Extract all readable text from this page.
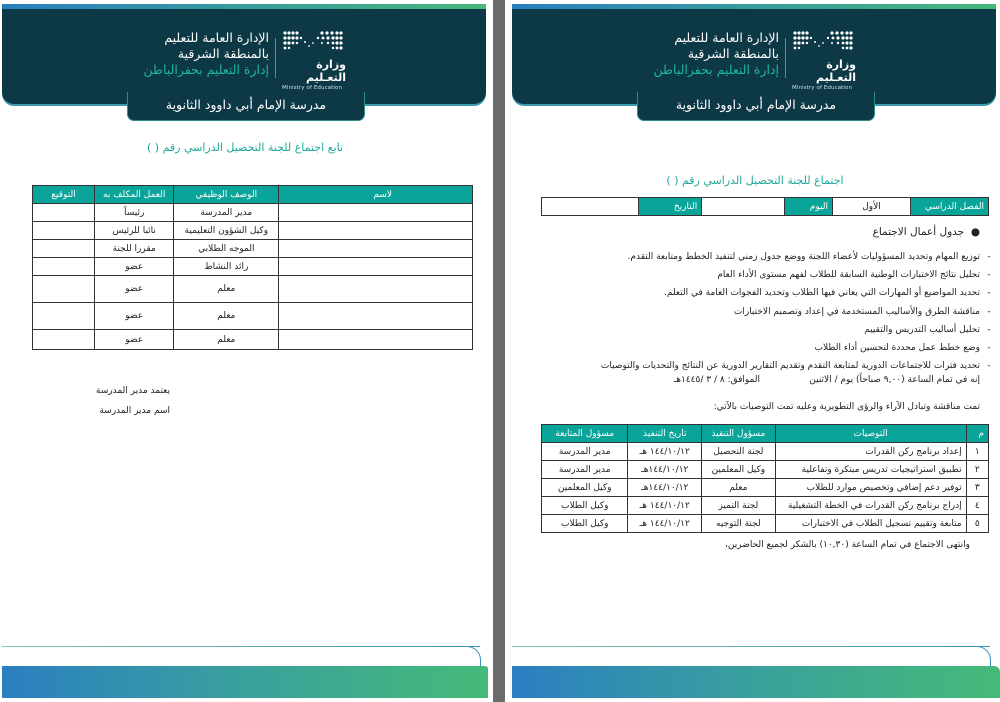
الإدارة العامة للتعليم
بالمنطقة الشرقية
إدارة التعليم بحفرالباطن	وزارة التعـليم
Ministry of Education
مدرسة الإمام أبي داوود الثانوية
تابع اجتماع للجنة التحصيل الدراسي رقم ( )
لاسم	الوصف الوظيفي	العمل المكلف به	التوقيع
	مدير المدرسة	رئيساً	
	وكيل الشؤون التعليمية	نائبا للرئيس	
	الموجه الطلابي	مقررا للجنة	
	رائد النشاط	عضو	
	معلم	عضو	
	معلم	عضو	
	معلم	عضو	
يعتمد مدير المدرسة
اسم مدير المدرسة
الإدارة العامة للتعليم
بالمنطقة الشرقية
إدارة التعليم بحفرالباطن	وزارة التعـليم
Ministry of Education
مدرسة الإمام أبي داوود الثانوية
اجتماع للجنة التحصيل الدراسي رقم ( )
الفصل الدراسي	الأول	اليوم		التاريخ	
●  جدول أعمال الاجتماع
- توزيع المهام وتحديد المسؤوليات لأعضاء اللجنة ووضع جدول زمني لتنفيذ الخطط ومتابعة التقدم.
- تحليل نتائج الاختبارات الوطنية السابقة للطلاب لفهم مستوى الأداء العام
- تحديد المواضيع أو المهارات التي يعاني فيها الطلاب وتحديد الفجوات العامة في التعلم.
- مناقشة الطرق والأساليب المستخدمة في إعداد وتصميم الاختبارات
- تحليل أساليب التدريس والتقييم
- وضع خطط عمل محددة لتحسين أداء الطلاب
- تحديد فترات للاجتماعات الدورية لمتابعة التقدم وتقديم التقارير الدورية عن النتائج والتحديات والتوصيات
إنه في تمام الساعة (٩,٠٠ صباحاً) يوم / الاثنين
الموافق: ٨ / ٣ /١٤٤٥هـ
تمت مناقشة وتبادل الآراء والرؤى التطويرية وعليه تمت التوصيات بالآتي:
م	التوصيات	مسؤول التنفيذ	تاريخ التنفيذ	مسؤول المتابعة
١	إعداد برنامج ركن القدرات	لجنة التحصيل	١٤٤/١٠/١٢ هـ	مدير المدرسة
٢	تطبيق استراتيجيات تدريس مبتكرة وتفاعلية	وكيل المعلمين	١٤٤/١٠/١٢هـ	مدير المدرسة
٣	توفير دعم إضافي وتخصيص موارد للطلاب	معلم	١٤٤/١٠/١٢هـ	وكيل المعلمين
٤	إدراج برنامج ركن القدرات في الخطة التشغيلية	لجنة التميز	١٤٤/١٠/١٢ هـ	وكيل الطلاب
٥	متابعة وتقييم تسجيل الطلاب في الاختبارات	لجنة التوجيه	١٤٤/١٠/١٢ هـ	وكيل الطلاب
وانتهى الاجتماع في تمام الساعة (١٠,٣٠) بالشكر لجميع الحاضرين،
